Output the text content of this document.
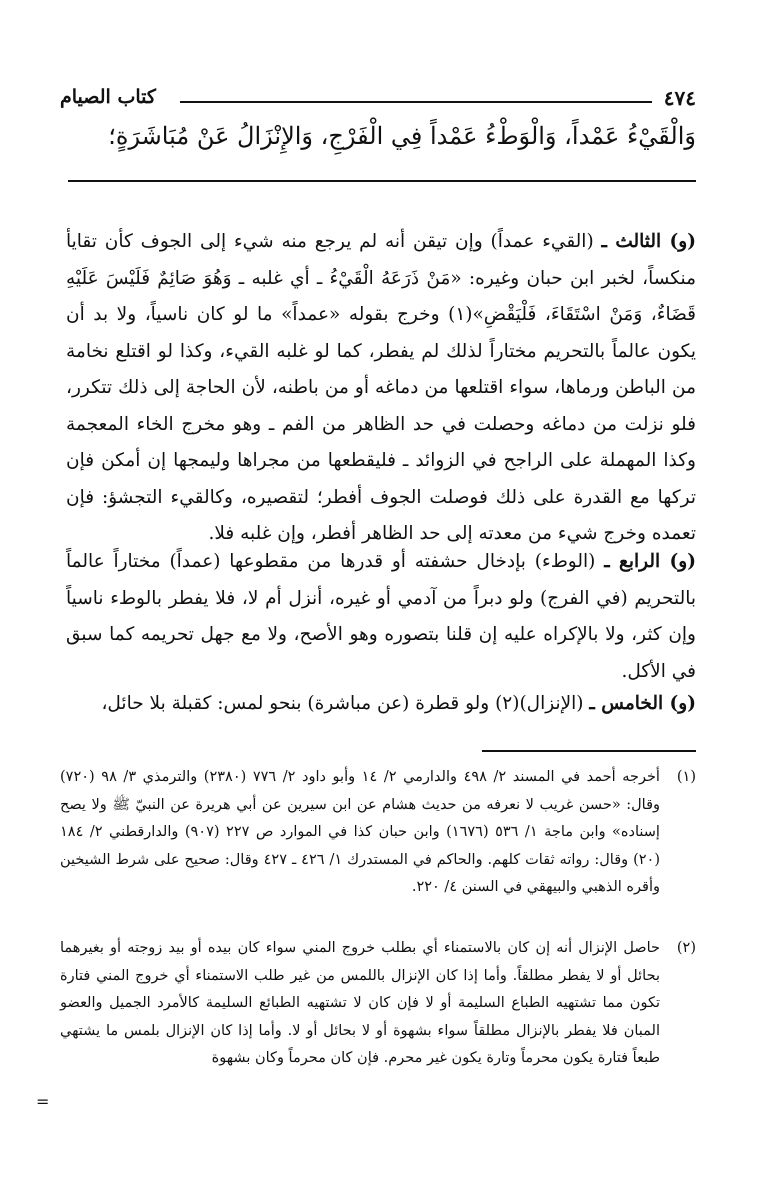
٤٧٤
كتاب الصيام
وَالْقَيْءُ عَمْداً، وَالْوَطْءُ عَمْداً فِي الْفَرْجِ، وَالإِنْزَالُ عَنْ مُبَاشَرَةٍ؛
(و) الثالث ـ (القيء عمداً) وإن تيقن أنه لم يرجع منه شيء إلى الجوف كأن تقايأ منكساً، لخبر ابن حبان وغيره: «مَنْ ذَرَعَهُ الْقَيْءُ ـ أي غلبه ـ وَهُوَ صَائِمٌ فَلَيْسَ عَلَيْهِ قَضَاءٌ، وَمَنْ اسْتَقَاءَ، فَلْيَقْضِ»(١) وخرج بقوله «عمداً» ما لو كان ناسياً، ولا بد أن يكون عالماً بالتحريم مختاراً لذلك لم يفطر، كما لو غلبه القيء، وكذا لو اقتلع نخامة من الباطن ورماها، سواء اقتلعها من دماغه أو من باطنه، لأن الحاجة إلى ذلك تتكرر، فلو نزلت من دماغه وحصلت في حد الظاهر من الفم ـ وهو مخرج الخاء المعجمة وكذا المهملة على الراجح في الزوائد ـ فليقطعها من مجراها وليمجها إن أمكن فإن تركها مع القدرة على ذلك فوصلت الجوف أفطر؛ لتقصيره، وكالقيء التجشؤ: فإن تعمده وخرج شيء من معدته إلى حد الظاهر أفطر، وإن غلبه فلا.
(و) الرابع ـ (الوطء) بإدخال حشفته أو قدرها من مقطوعها (عمداً) مختاراً عالماً بالتحريم (في الفرج) ولو دبراً من آدمي أو غيره، أنزل أم لا، فلا يفطر بالوطء ناسياً وإن كثر، ولا بالإكراه عليه إن قلنا بتصوره وهو الأصح، ولا مع جهل تحريمه كما سبق في الأكل.
(و) الخامس ـ (الإنزال)(٢) ولو قطرة (عن مباشرة) بنحو لمس: كقبلة بلا حائل،
(١)
أخرجه أحمد في المسند ٢/ ٤٩٨ والدارمي ٢/ ١٤ وأبو داود ٢/ ٧٧٦ (٢٣٨٠) والترمذي ٣/ ٩٨ (٧٢٠) وقال: «حسن غريب لا نعرفه من حديث هشام عن ابن سيرين عن أبي هريرة عن النبيّ ﷺ ولا يصح إسناده» وابن ماجة ١/ ٥٣٦ (١٦٧٦) وابن حبان كذا في الموارد ص ٢٢٧ (٩٠٧) والدارقطني ٢/ ١٨٤ (٢٠) وقال: رواته ثقات كلهم. والحاكم في المستدرك ١/ ٤٢٦ ـ ٤٢٧ وقال: صحيح على شرط الشيخين وأقره الذهبي والبيهقي في السنن ٤/ ٢٢٠.
(٢)
حاصل الإنزال أنه إن كان بالاستمناء أي بطلب خروج المني سواء كان بيده أو بيد زوجته أو بغيرهما بحائل أو لا يفطر مطلقاً. وأما إذا كان الإنزال باللمس من غير طلب الاستمناء أي خروج المني فتارة تكون مما تشتهيه الطباع السليمة أو لا فإن كان لا تشتهيه الطبائع السليمة كالأمرد الجميل والعضو المبان فلا يفطر بالإنزال مطلقاً سواء بشهوة أو لا بحائل أو لا. وأما إذا كان الإنزال بلمس ما يشتهي طبعاً فتارة يكون محرماً وتارة يكون غير محرم. فإن كان محرماً وكان بشهوة
=
